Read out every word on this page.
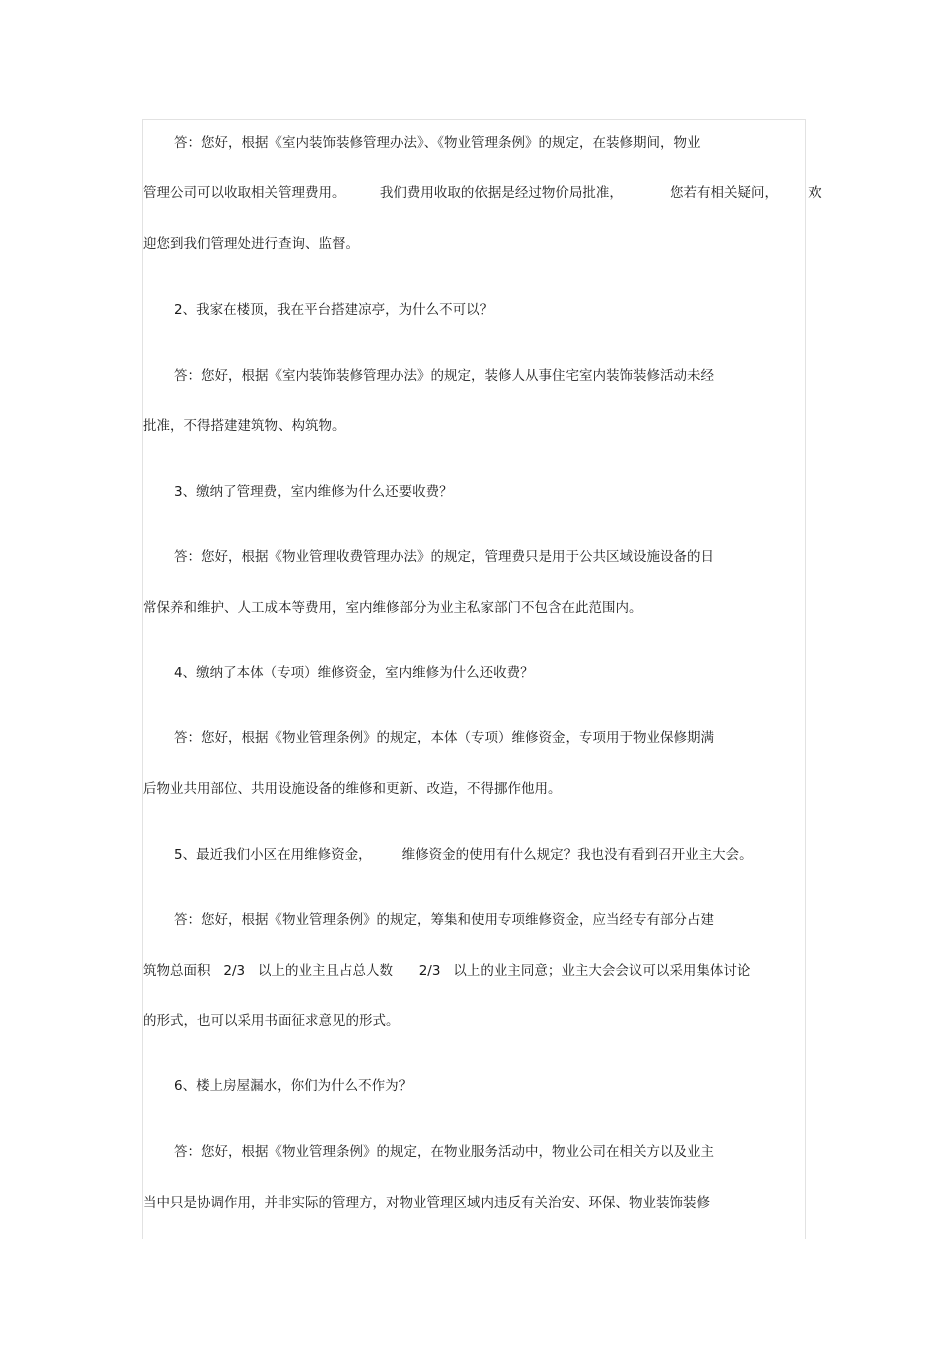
答：您好，根据《室内装饰装修管理办法》、《物业管理条例》的规定，在装修期间，物业

管理公司可以收取相关管理费用。        我们费用收取的依据是经过物价局批准，           您若有相关疑问，       欢

迎您到我们管理处进行查询、监督。

2、我家在楼顶，我在平台搭建凉亭，为什么不可以？

答：您好，根据《室内装饰装修管理办法》的规定，装修人从事住宅室内装饰装修活动未经

批准，不得搭建建筑物、构筑物。

3、缴纳了管理费，室内维修为什么还要收费？

答：您好，根据《物业管理收费管理办法》的规定，管理费只是用于公共区域设施设备的日

常保养和维护、人工成本等费用，室内维修部分为业主私家部门不包含在此范围内。

4、缴纳了本体（专项）维修资金，室内维修为什么还收费？

答：您好，根据《物业管理条例》的规定，本体（专项）维修资金，专项用于物业保修期满

后物业共用部位、共用设施设备的维修和更新、改造，不得挪作他用。

5、最近我们小区在用维修资金，       维修资金的使用有什么规定？我也没有看到召开业主大会。

答：您好，根据《物业管理条例》的规定，筹集和使用专项维修资金，应当经专有部分占建

筑物总面积   2/3   以上的业主且占总人数      2/3   以上的业主同意；业主大会会议可以采用集体讨论

的形式，也可以采用书面征求意见的形式。

6、楼上房屋漏水，你们为什么不作为？

答：您好，根据《物业管理条例》的规定，在物业服务活动中，物业公司在相关方以及业主

当中只是协调作用，并非实际的管理方，对物业管理区域内违反有关治安、环保、物业装饰装修
